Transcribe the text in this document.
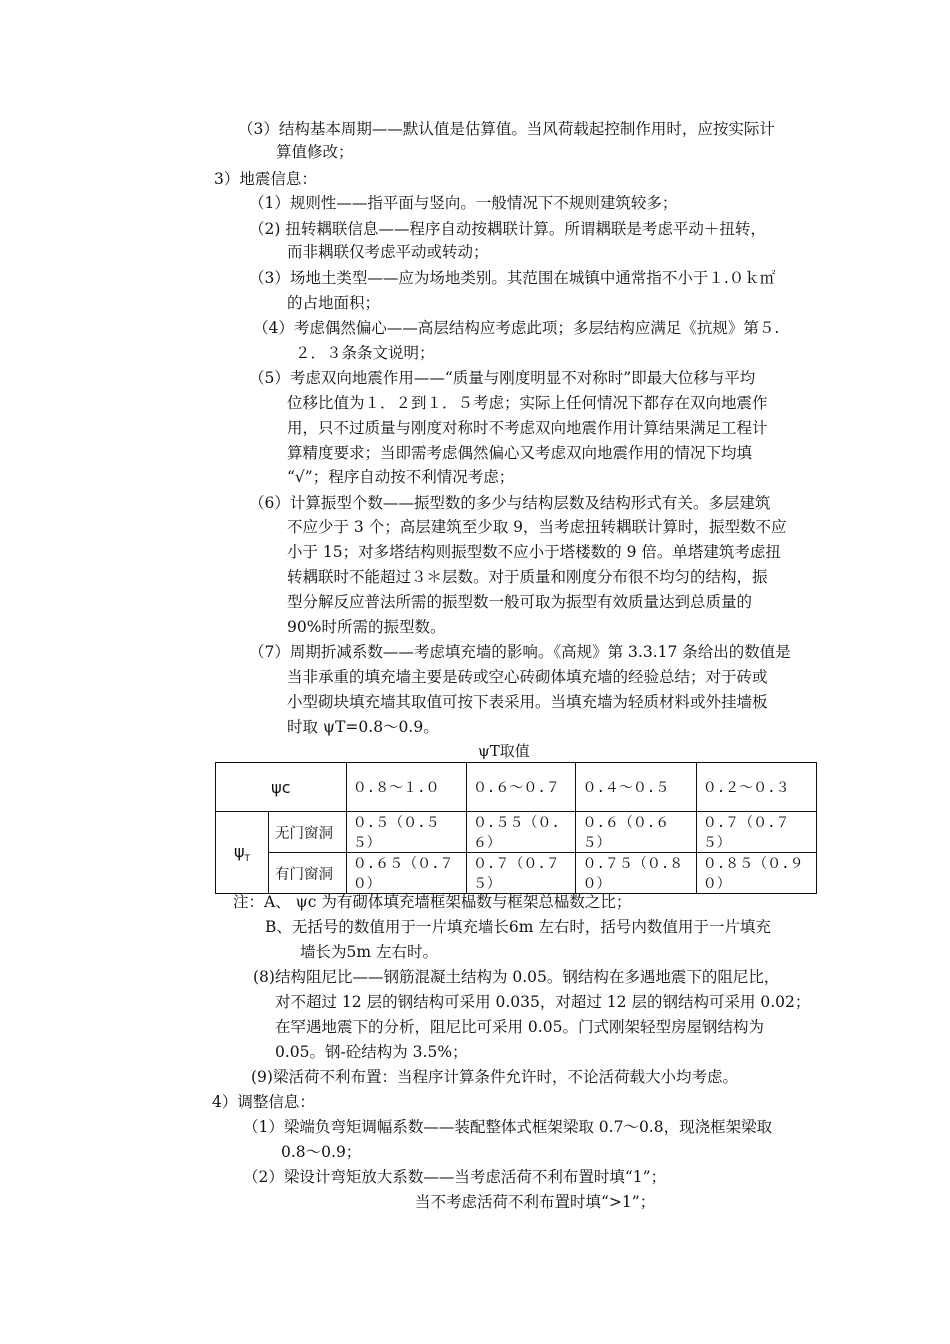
（3）结构基本周期——默认值是估算值。当风荷载起控制作用时，应按实际计
算值修改；
3）地震信息：
（1）规则性——指平面与竖向。一般情况下不规则建筑较多；
（2) 扭转耦联信息——程序自动按耦联计算。所谓耦联是考虑平动＋扭转，
而非耦联仅考虑平动或转动；
（3）场地土类型——应为场地类别。其范围在城镇中通常指不小于１.０ｋ㎡
的占地面积；
（4）考虑偶然偏心——高层结构应考虑此项；多层结构应满足《抗规》第５.
２．３条条文说明；
（5）考虑双向地震作用——“质量与刚度明显不对称时”即最大位移与平均
位移比值为１．２到１．５考虑；实际上任何情况下都存在双向地震作
用，只不过质量与刚度对称时不考虑双向地震作用计算结果满足工程计
算精度要求；当即需考虑偶然偏心又考虑双向地震作用的情况下均填
“√”；程序自动按不利情况考虑；
（6）计算振型个数——振型数的多少与结构层数及结构形式有关。多层建筑
不应少于 3 个；高层建筑至少取 9，当考虑扭转耦联计算时，振型数不应
小于 15；对多塔结构则振型数不应小于塔楼数的 9 倍。单塔建筑考虑扭
转耦联时不能超过３＊层数。对于质量和刚度分布很不均匀的结构，振
型分解反应普法所需的振型数一般可取为振型有效质量达到总质量的
90%时所需的振型数。
（7）周期折减系数——考虑填充墙的影响。《高规》第 3.3.17 条给出的数值是
当非承重的填充墙主要是砖或空心砖砌体填充墙的经验总结；对于砖或
小型砌块填充墙其取值可按下表采用。当填充墙为轻质材料或外挂墙板
时取 ψT=0.8～0.9。
ψT取值
ψc		０.８～１.０	０.６～０.７	０.４～０.５	０.２～０.３
$\psi_T$	无门窗洞	０.５（０.５５）	０.５５（０.６）	０.６（０.６５）	０.７（０.７５）
	有门窗洞	０.６５（０.７０）	０.７（０.７５）	０.７５（０.８０）	０.８５（０.９０）
注：A、 ψc 为有砌体填充墙框架榀数与框架总榀数之比；
B、无括号的数值用于一片填充墙长6m 左右时，括号内数值用于一片填充
墙长为5m 左右时。
(8)结构阻尼比——钢筋混凝土结构为 0.05。钢结构在多遇地震下的阻尼比，
对不超过 12 层的钢结构可采用 0.035，对超过 12 层的钢结构可采用 0.02；
在罕遇地震下的分析，阻尼比可采用 0.05。门式刚架轻型房屋钢结构为
0.05。钢-砼结构为 3.5%；
(9)梁活荷不利布置：当程序计算条件允许时，不论活荷载大小均考虑。
4）调整信息：
（1）梁端负弯矩调幅系数——装配整体式框架梁取 0.7～0.8，现浇框架梁取
0.8～0.9；
（2）梁设计弯矩放大系数——当考虑活荷不利布置时填“1”；
当不考虑活荷不利布置时填“>1”；
